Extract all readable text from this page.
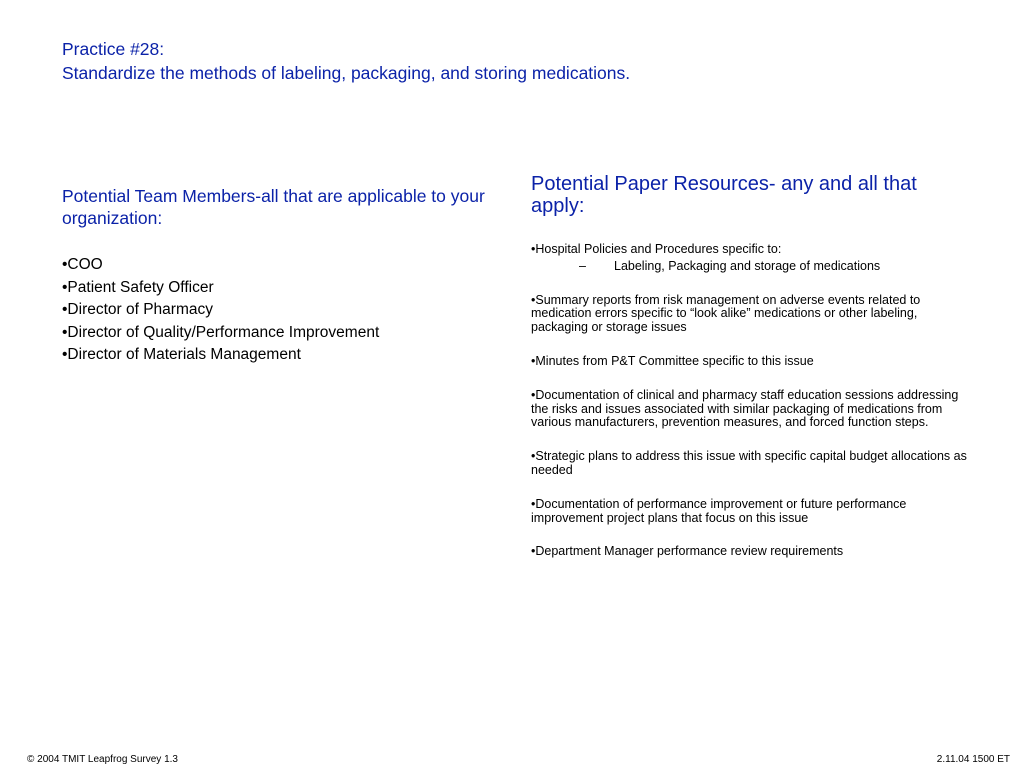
Practice #28:
Standardize the methods of labeling, packaging, and storing medications.
Potential Team Members-all that are applicable to your organization:
•COO
•Patient Safety Officer
•Director of Pharmacy
•Director of Quality/Performance Improvement
•Director of Materials Management
Potential Paper Resources- any and all that apply:
•Hospital Policies and Procedures specific to:
– Labeling, Packaging and storage of medications
•Summary reports from risk management on adverse events related to medication errors specific to “look alike” medications or other labeling, packaging or storage issues
•Minutes from P&T Committee specific to this issue
•Documentation of clinical and pharmacy staff education sessions addressing the risks and issues associated with similar packaging of medications from various manufacturers, prevention measures, and forced function steps.
•Strategic plans to address this issue with specific capital budget allocations as needed
•Documentation of performance improvement or future performance improvement project plans that focus on this issue
•Department Manager performance review requirements
© 2004 TMIT Leapfrog Survey 1.3	2.11.04 1500 ET
